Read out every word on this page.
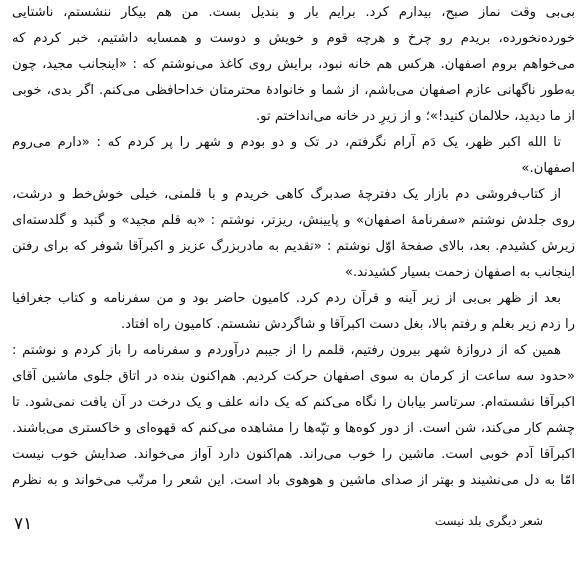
بی‌بی وقت نماز صبح، بیدارم کرد. برایم بار و بندیل بست. من هم بیکار ننشستم، ناشتایی
خورده‌نخورده، بریدم رو چرخ و هرچه قوم و خویش و دوست و همسایه داشتیم، خبر کردم که
می‌خواهم بروم اصفهان. هرکس هم خانه نبود، برایش روی کاغذ می‌نوشتم که : «اینجانب مجید، چون
به‌طور ناگهانی عازم اصفهان می‌باشم، از شما و خانوادهٔ محترمتان خداحافظی می‌کنم. اگر بدی، خوبی
از ما دیدید، حلالمان کنید!»؛ و از زیرِ در خانه می‌انداختم تو.
تا الله اکبر ظهر، یک دَم آرام نگرفتم، در تک و دو بودم و شهر را پر کردم که : «دارم می‌روم
اصفهان.»
از کتاب‌فروشی دم بازار یک دفترچهٔ صدبرگ کاهی خریدم و با قلمنی، خیلی خوش‌خط و درشت،
روی جلدش نوشتم «سفرنامهٔ اصفهان» و پایینش، ریزتر، نوشتم : «به قلم مجید» و گنبد و گلدسته‌ای
زیرش کشیدم. بعد، بالای صفحهٔ اوّل نوشتم : «تقدیم به مادربزرگ عزیز و اکبرآقا شوفر که برای رفتن
اینجانب به اصفهان زحمت بسیار کشیدند.»
بعد از ظهر بی‌بی از زیر آینه و قرآن ردم کرد. کامیون حاضر بود و من سفرنامه و کتاب جغرافیا
را زدم زیر بغلم و رفتم بالا، بغل دست اکبرآقا و شاگردش نشستم. کامیون راه افتاد.
همین که از دروازهٔ شهر بیرون رفتیم، قلمم را از جیبم درآوردم و سفرنامه را باز کردم و نوشتم :
«حدود سه ساعت از کرمان به سوی اصفهان حرکت کردیم. هم‌اکنون بنده در اتاق جلوی ماشین آقای
اکبرآقا نشسته‌ام. سرتاسر بیابان را نگاه می‌کنم که یک دانه علف و یک درخت در آن یافت نمی‌شود. تا
چشم کار می‌کند، شن است. از دور کوه‌ها و تپّه‌ها را مشاهده می‌کنم که قهوه‌ای و خاکستری می‌باشند.
اکبرآقا آدم خوبی است. ماشین را خوب می‌راند. هم‌اکنون دارد آواز می‌خواند. صدایش خوب نیست
امّا به دل می‌نشیند و بهتر از صدای ماشین و هوهوی باد است. این شعر را مرتّب می‌خواند و به نظرم
شعر دیگری بلد نیست
۷۱
